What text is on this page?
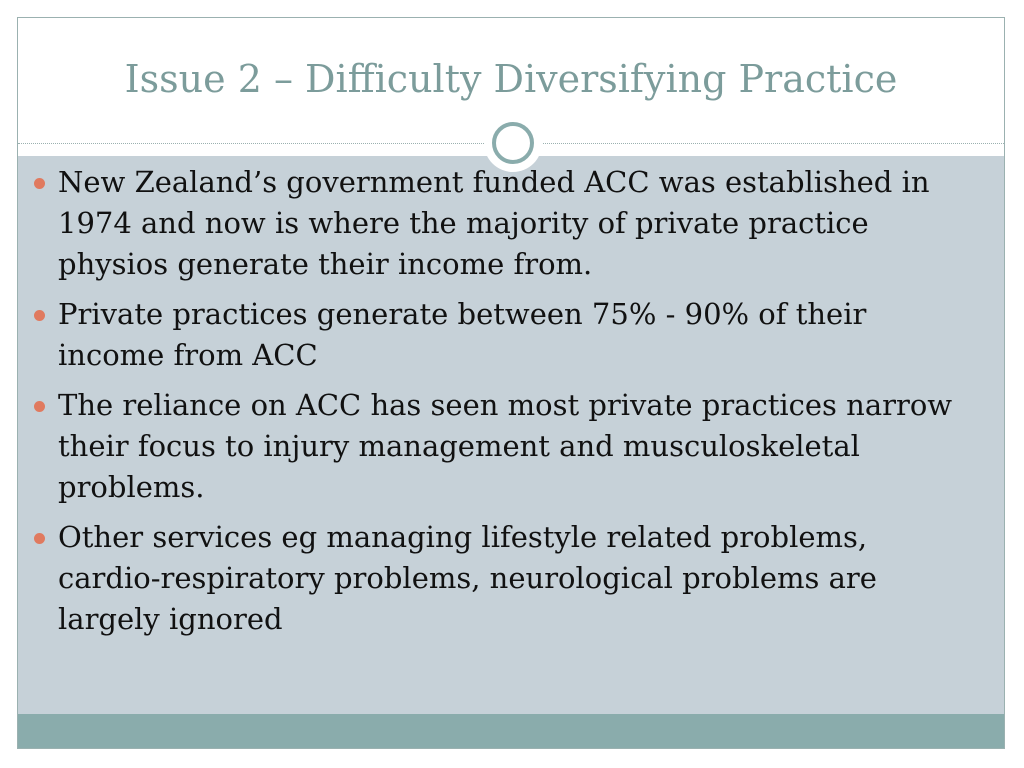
Issue 2 – Difficulty Diversifying Practice
New Zealand’s government funded ACC was established in 1974 and now is where the majority of private practice physios generate their income from.
Private practices generate between 75% - 90% of their income from ACC
The reliance on ACC has seen most private practices narrow their focus to injury management and musculoskeletal problems.
Other services eg managing lifestyle related problems, cardio-respiratory problems, neurological problems are largely ignored
